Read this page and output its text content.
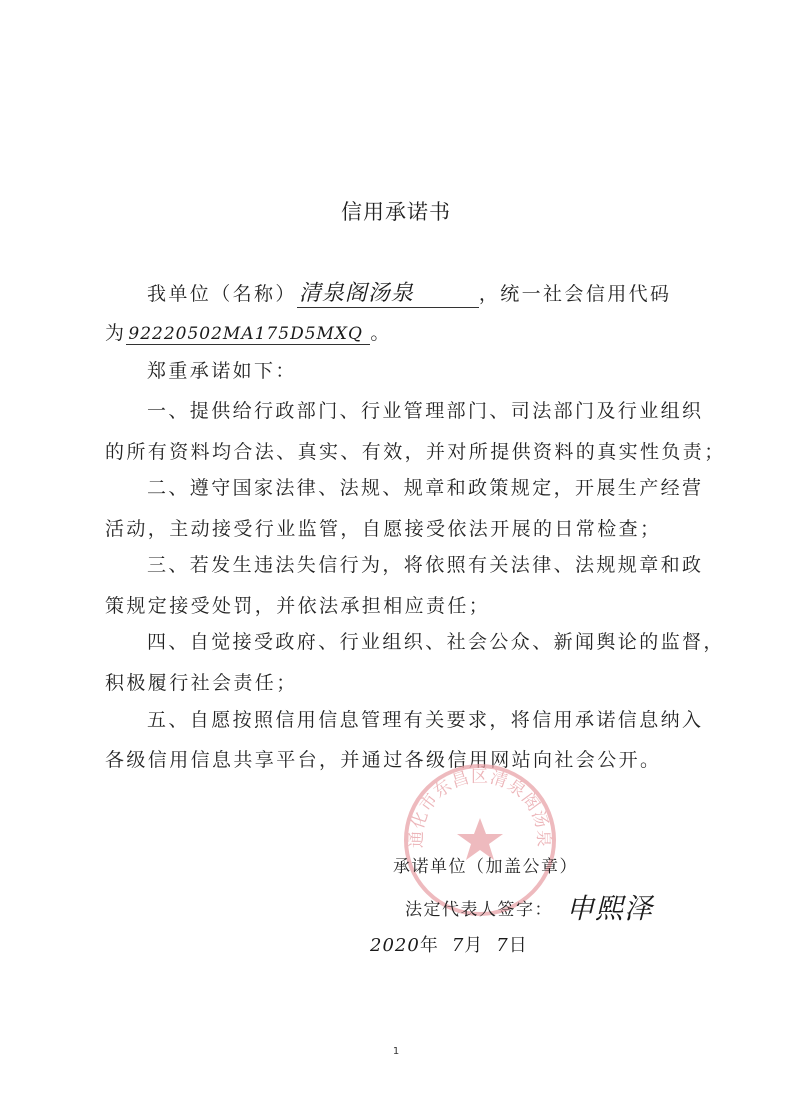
信用承诺书
我单位（名称）清泉阁汤泉	，统一社会信用代码
为 92220502MA175D5MXQ 。
郑重承诺如下：
一、提供给行政部门、行业管理部门、司法部门及行业组织
的所有资料均合法、真实、有效，并对所提供资料的真实性负责；
二、遵守国家法律、法规、规章和政策规定，开展生产经营
活动，主动接受行业监管，自愿接受依法开展的日常检查；
三、若发生违法失信行为，将依照有关法律、法规规章和政
策规定接受处罚，并依法承担相应责任；
四、自觉接受政府、行业组织、社会公众、新闻舆论的监督，
积极履行社会责任；
五、自愿按照信用信息管理有关要求，将信用承诺信息纳入
各级信用信息共享平台，并通过各级信用网站向社会公开。
通化市东昌区清泉阁汤泉
承诺单位（加盖公章）
法定代表人签字： 申熙泽
2020年 7月 7日
1
